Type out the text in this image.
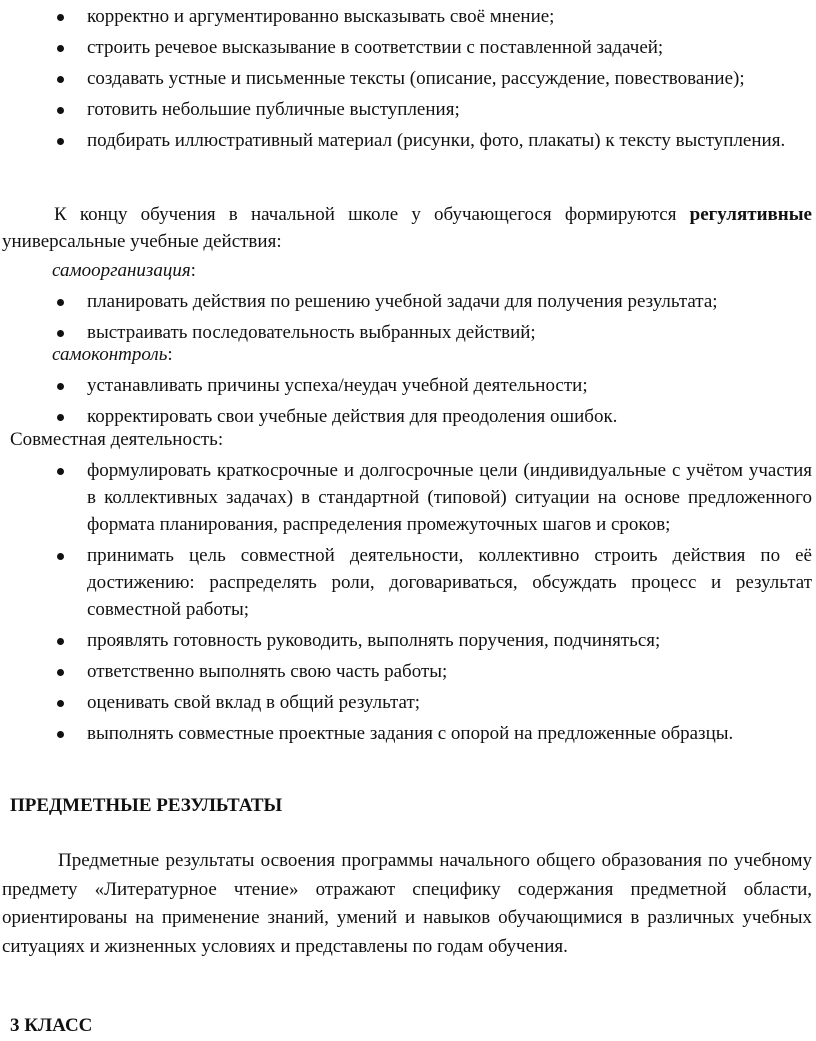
корректно и аргументированно высказывать своё мнение;
строить речевое высказывание в соответствии с поставленной задачей;
создавать устные и письменные тексты (описание, рассуждение, повествование);
готовить небольшие публичные выступления;
подбирать иллюстративный материал (рисунки, фото, плакаты) к тексту выступления.

К концу обучения в начальной школе у обучающегося формируются регулятивные универсальные учебные действия:

самоорганизация:
планировать действия по решению учебной задачи для получения результата;
выстраивать последовательность выбранных действий;
самоконтроль:
устанавливать причины успеха/неудач учебной деятельности;
корректировать свои учебные действия для преодоления ошибок.
Совместная деятельность:
формулировать краткосрочные и долгосрочные цели (индивидуальные с учётом участия в коллективных задачах) в стандартной (типовой) ситуации на основе предложенного формата планирования, распределения промежуточных шагов и сроков;
принимать цель совместной деятельности, коллективно строить действия по её достижению: распределять роли, договариваться, обсуждать процесс и результат совместной работы;
проявлять готовность руководить, выполнять поручения, подчиняться;
ответственно выполнять свою часть работы;
оценивать свой вклад в общий результат;
выполнять совместные проектные задания с опорой на предложенные образцы.
ПРЕДМЕТНЫЕ РЕЗУЛЬТАТЫ

Предметные результаты освоения программы начального общего образования по учебному предмету «Литературное чтение» отражают специфику содержания предметной области, ориентированы на применение знаний, умений и навыков обучающимися в различных учебных ситуациях и жизненных условиях и представлены по годам обучения.

3 КЛАСС
